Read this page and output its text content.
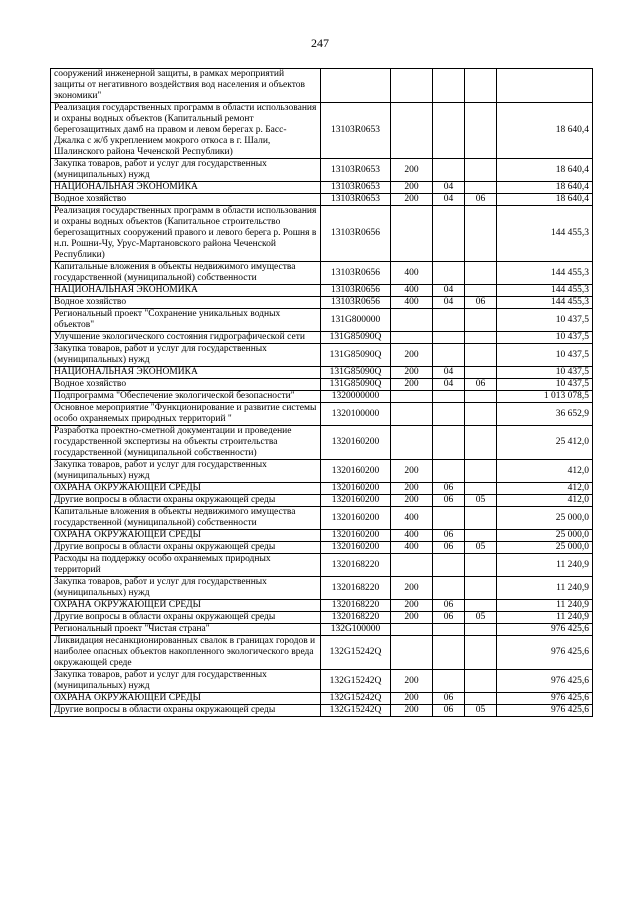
247
сооружений инженерной защиты, в рамках мероприятий защиты от негативного воздействия вод населения и объектов экономики"					
Реализация государственных программ в области использования и охраны водных объектов (Капитальный ремонт берегозащитных дамб на правом и левом берегах р. Басс-Джалка с ж/б укреплением мокрого откоса в г. Шали, Шалинского района Чеченской Республики)	13103R0653				18 640,4
Закупка товаров, работ и услуг для государственных (муниципальных) нужд	13103R0653	200			18 640,4
НАЦИОНАЛЬНАЯ ЭКОНОМИКА	13103R0653	200	04		18 640,4
Водное хозяйство	13103R0653	200	04	06	18 640,4
Реализация государственных программ в области использования и охраны водных объектов (Капитальное строительство берегозащитных сооружений правого и левого берега р. Рошня в н.п. Рошни-Чу, Урус-Мартановского района Чеченской Республики)	13103R0656				144 455,3
Капитальные вложения в объекты недвижимого имущества государственной (муниципальной) собственности	13103R0656	400			144 455,3
НАЦИОНАЛЬНАЯ ЭКОНОМИКА	13103R0656	400	04		144 455,3
Водное хозяйство	13103R0656	400	04	06	144 455,3
Региональный проект "Сохранение уникальных водных объектов"	131G800000				10 437,5
Улучшение экологического состояния гидрографической сети	131G85090Q				10 437,5
Закупка товаров, работ и услуг для государственных (муниципальных) нужд	131G85090Q	200			10 437,5
НАЦИОНАЛЬНАЯ ЭКОНОМИКА	131G85090Q	200	04		10 437,5
Водное хозяйство	131G85090Q	200	04	06	10 437,5
Подпрограмма "Обеспечение экологической безопасности"	1320000000				1 013 078,5
Основное мероприятие "Функционирование и развитие системы особо охраняемых природных территорий "	1320100000				36 652,9
Разработка проектно-сметной документации и проведение государственной экспертизы на объекты строительства государственной (муниципальной собственности)	1320160200				25 412,0
Закупка товаров, работ и услуг для государственных (муниципальных) нужд	1320160200	200			412,0
ОХРАНА ОКРУЖАЮЩЕЙ СРЕДЫ	1320160200	200	06		412,0
Другие вопросы в области охраны окружающей среды	1320160200	200	06	05	412,0
Капитальные вложения в объекты недвижимого имущества государственной (муниципальной) собственности	1320160200	400			25 000,0
ОХРАНА ОКРУЖАЮЩЕЙ СРЕДЫ	1320160200	400	06		25 000,0
Другие вопросы в области охраны окружающей среды	1320160200	400	06	05	25 000,0
Расходы на поддержку особо охраняемых природных территорий	1320168220				11 240,9
Закупка товаров, работ и услуг для государственных (муниципальных) нужд	1320168220	200			11 240,9
ОХРАНА ОКРУЖАЮЩЕЙ СРЕДЫ	1320168220	200	06		11 240,9
Другие вопросы в области охраны окружающей среды	1320168220	200	06	05	11 240,9
Региональный проект "Чистая страна"	132G100000				976 425,6
Ликвидация несанкционированных свалок в границах городов и наиболее опасных объектов накопленного экологического вреда окружающей среде	132G15242Q				976 425,6
Закупка товаров, работ и услуг для государственных (муниципальных) нужд	132G15242Q	200			976 425,6
ОХРАНА ОКРУЖАЮЩЕЙ СРЕДЫ	132G15242Q	200	06		976 425,6
Другие вопросы в области охраны окружающей среды	132G15242Q	200	06	05	976 425,6
